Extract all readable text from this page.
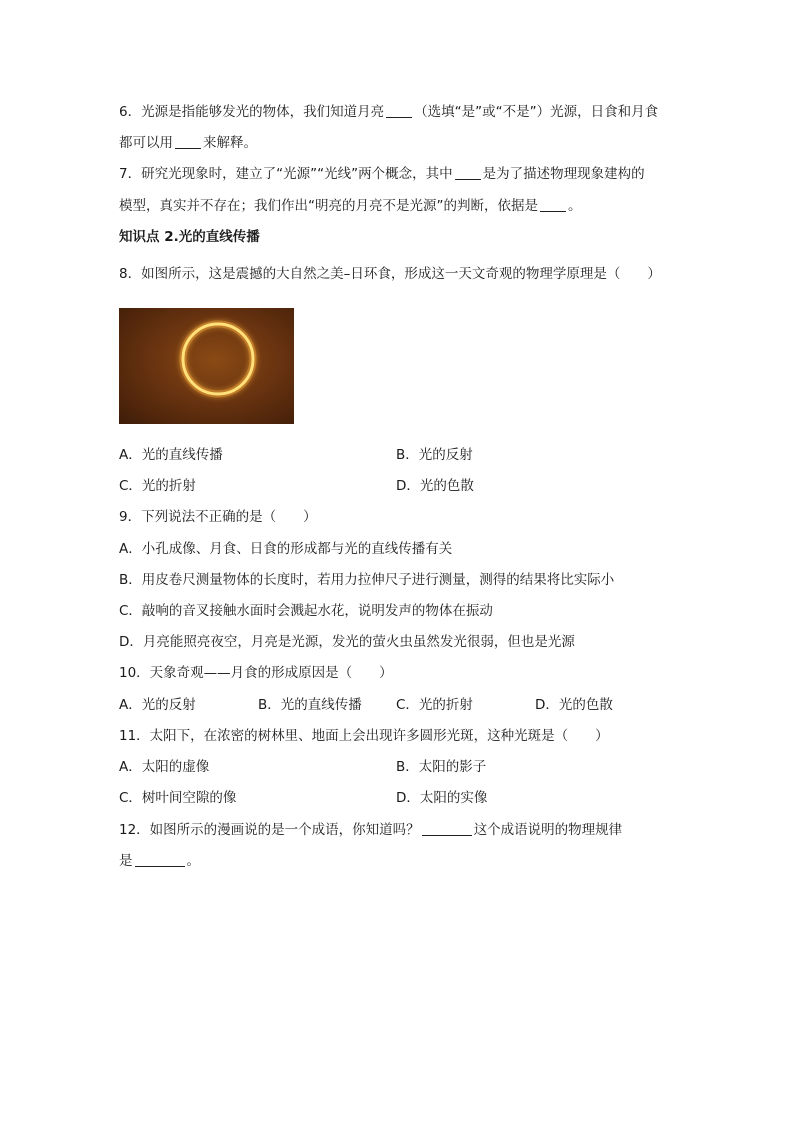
6．光源是指能够发光的物体，我们知道月亮 （选填“是”或“不是”）光源，日食和月食
都可以用 来解释。
7．研究光现象时，建立了“光源”“光线”两个概念，其中 是为了描述物理现象建构的
模型，真实并不存在；我们作出“明亮的月亮不是光源”的判断，依据是 。
知识点 2.光的直线传播
8．如图所示，这是震撼的大自然之美–日环食，形成这一天文奇观的物理学原理是（　　）
A．光的直线传播	B．光的反射
C．光的折射	D．光的色散
9．下列说法不正确的是（　　）
A．小孔成像、月食、日食的形成都与光的直线传播有关
B．用皮卷尺测量物体的长度时，若用力拉伸尺子进行测量，测得的结果将比实际小
C．敲响的音叉接触水面时会溅起水花，说明发声的物体在振动
D．月亮能照亮夜空，月亮是光源，发光的萤火虫虽然发光很弱，但也是光源
10．天象奇观——月食的形成原因是（　　）
A．光的反射	B．光的直线传播	C．光的折射	D．光的色散
11．太阳下，在浓密的树林里、地面上会出现许多圆形光斑，这种光斑是（　　）
A．太阳的虚像	B．太阳的影子
C．树叶间空隙的像	D．太阳的实像
12．如图所示的漫画说的是一个成语，你知道吗？	这个成语说明的物理规律
是	。
